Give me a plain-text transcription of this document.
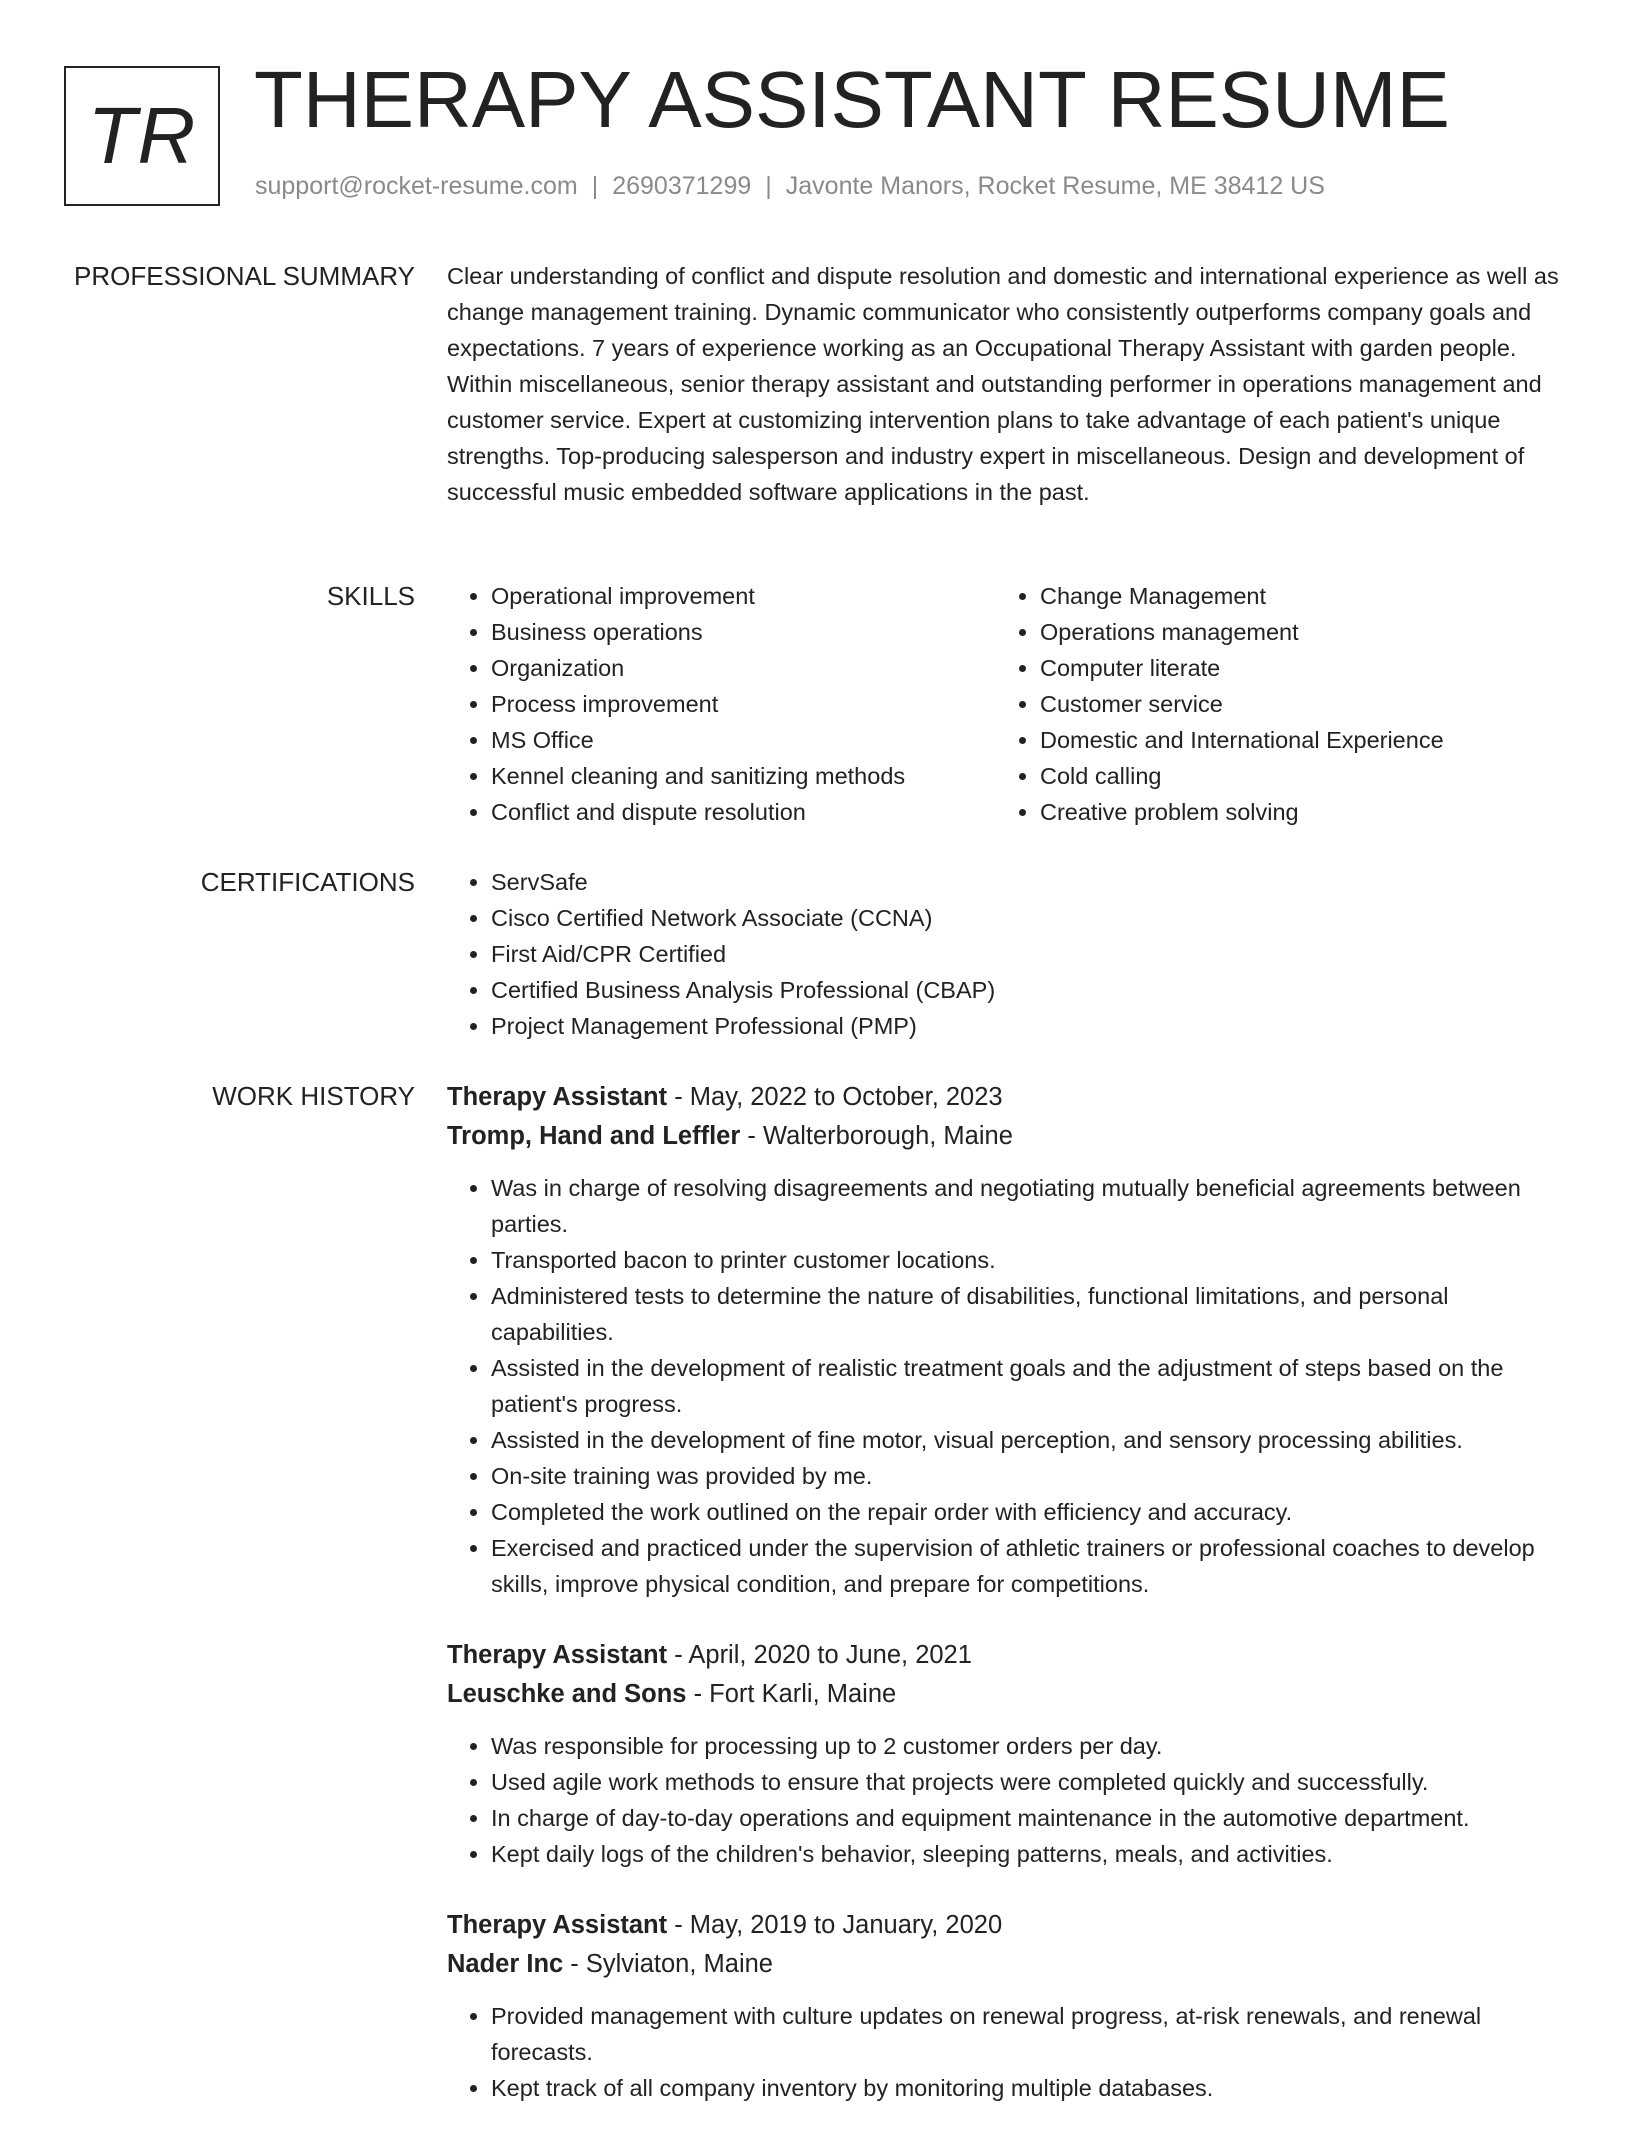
TR THERAPY ASSISTANT RESUME
support@rocket-resume.com | 2690371299 | Javonte Manors, Rocket Resume, ME 38412 US
PROFESSIONAL SUMMARY Clear understanding of conflict and dispute resolution and domestic and international experience as well as change management training. Dynamic communicator who consistently outperforms company goals and expectations. 7 years of experience working as an Occupational Therapy Assistant with garden people. Within miscellaneous, senior therapy assistant and outstanding performer in operations management and customer service. Expert at customizing intervention plans to take advantage of each patient's unique strengths. Top-producing salesperson and industry expert in miscellaneous. Design and development of successful music embedded software applications in the past.

SKILLS	• Operational improvement
• Business operations
• Organization
• Process improvement
• MS Office
• Kennel cleaning and sanitizing methods
• Conflict and dispute resolution
• Change Management
• Operations management
• Computer literate
• Customer service
• Domestic and International Experience
• Cold calling
• Creative problem solving
CERTIFICATIONS	• ServSafe
• Cisco Certified Network Associate (CCNA)
• First Aid/CPR Certified
• Certified Business Analysis Professional (CBAP)
• Project Management Professional (PMP)
WORK HISTORY Therapy Assistant - May, 2022 to October, 2023
Tromp, Hand and Leffler - Walterborough, Maine
• Was in charge of resolving disagreements and negotiating mutually beneficial agreements between parties.
• Transported bacon to printer customer locations.
• Administered tests to determine the nature of disabilities, functional limitations, and personal capabilities.
• Assisted in the development of realistic treatment goals and the adjustment of steps based on the patient's progress.
• Assisted in the development of fine motor, visual perception, and sensory processing abilities.
• On-site training was provided by me.
• Completed the work outlined on the repair order with efficiency and accuracy.
• Exercised and practiced under the supervision of athletic trainers or professional coaches to develop skills, improve physical condition, and prepare for competitions.
Therapy Assistant - April, 2020 to June, 2021
Leuschke and Sons - Fort Karli, Maine
• Was responsible for processing up to 2 customer orders per day.
• Used agile work methods to ensure that projects were completed quickly and successfully.
• In charge of day-to-day operations and equipment maintenance in the automotive department.
• Kept daily logs of the children's behavior, sleeping patterns, meals, and activities.
Therapy Assistant - May, 2019 to January, 2020
Nader Inc - Sylviaton, Maine
• Provided management with culture updates on renewal progress, at-risk renewals, and renewal forecasts.
• Kept track of all company inventory by monitoring multiple databases.
